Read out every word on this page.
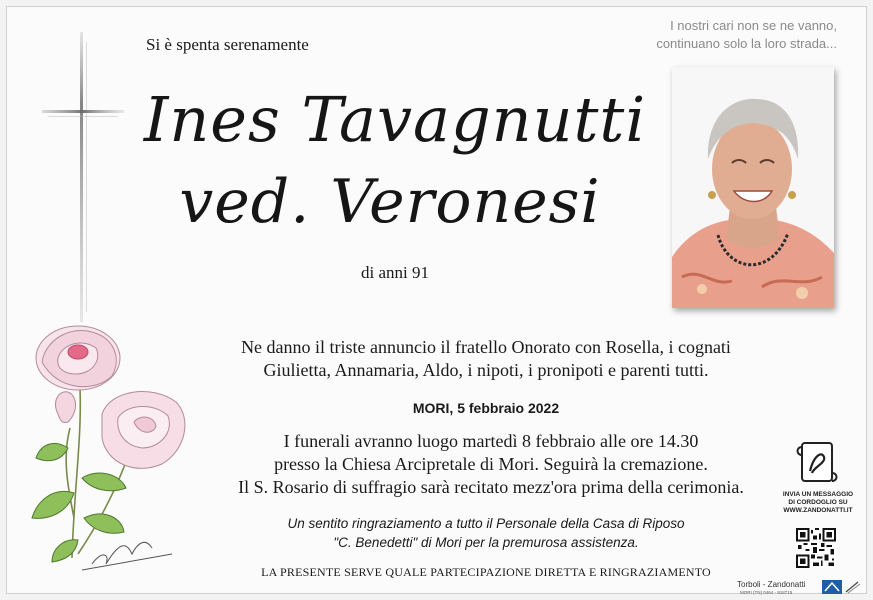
Si è spenta serenamente
I nostri cari non se ne vanno,
continuano solo la loro strada...
Ines Tavagnutti
ved. Veronesi
di anni 91
Ne danno il triste annuncio il fratello Onorato con Rosella, i cognati
Giulietta, Annamaria, Aldo, i nipoti, i pronipoti e parenti tutti.
MORI, 5 febbraio 2022
I funerali avranno luogo martedì 8 febbraio alle ore 14.30
presso la Chiesa Arcipretale di Mori. Seguirà la cremazione.
Il S. Rosario di suffragio sarà recitato mezz'ora prima della cerimonia.
Un sentito ringraziamento a tutto il Personale della Casa di Riposo
"C. Benedetti" di Mori per la premurosa assistenza.
LA PRESENTE SERVE QUALE PARTECIPAZIONE DIRETTA E RINGRAZIAMENTO
INVIA UN MESSAGGIO
DI CORDOGLIO SU
WWW.ZANDONATTI.IT
Torboli - Zandonatti
MORI (TN) 0464 - 918715
